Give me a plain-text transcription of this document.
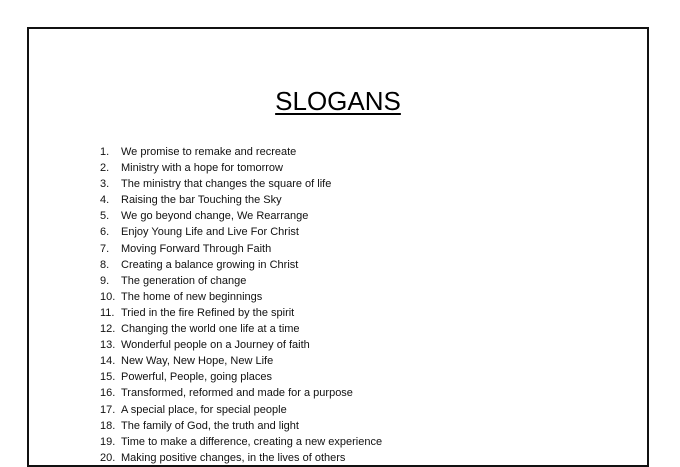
SLOGANS
1.	We promise to remake and recreate
2.	Ministry with a hope for tomorrow
3.	The ministry that changes the square of life
4.	Raising the bar Touching the Sky
5.	We go beyond change, We Rearrange
6.	Enjoy Young Life and Live For Christ
7.	Moving Forward Through Faith
8.	Creating a balance growing in Christ
9.	The generation of change
10. The home of new beginnings
11. Tried in the fire Refined by the spirit
12. Changing the world one life at a time
13. Wonderful people on a Journey of faith
14. New Way, New Hope, New Life
15. Powerful, People, going places
16. Transformed, reformed and made for a purpose
17. A special place, for special people
18. The family of God, the truth and light
19. Time to make a difference, creating a new experience
20. Making positive changes, in the lives of others
